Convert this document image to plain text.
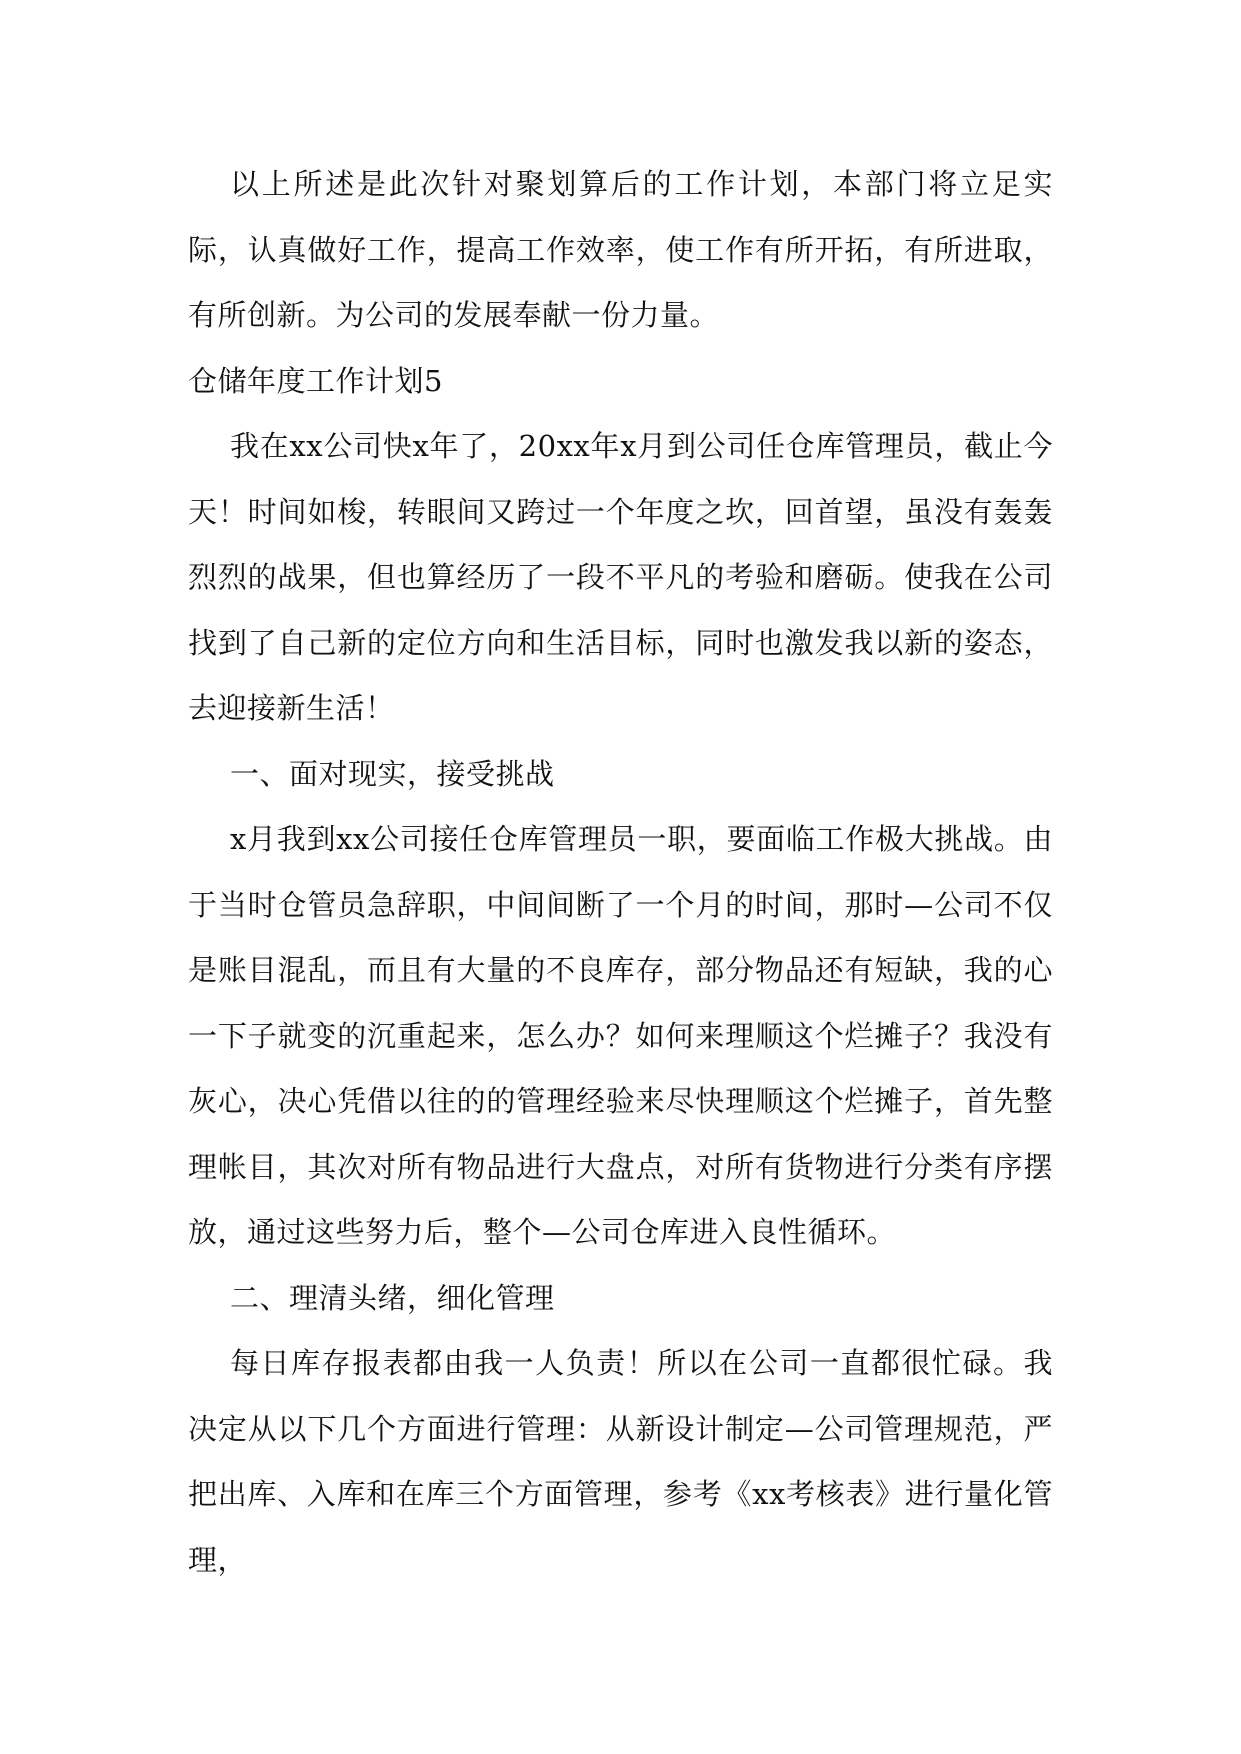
以上所述是此次针对聚划算后的工作计划，本部门将立足实际，认真做好工作，提高工作效率，使工作有所开拓，有所进取，有所创新。为公司的发展奉献一份力量。

仓储年度工作计划5

我在xx公司快x年了，20xx年x月到公司任仓库管理员，截止今天！时间如梭，转眼间又跨过一个年度之坎，回首望，虽没有轰轰烈烈的战果，但也算经历了一段不平凡的考验和磨砺。使我在公司找到了自己新的定位方向和生活目标，同时也激发我以新的姿态，去迎接新生活！

一、面对现实，接受挑战

x月我到xx公司接任仓库管理员一职，要面临工作极大挑战。由于当时仓管员急辞职，中间间断了一个月的时间，那时—公司不仅是账目混乱，而且有大量的不良库存，部分物品还有短缺，我的心一下子就变的沉重起来，怎么办？如何来理顺这个烂摊子？我没有灰心，决心凭借以往的的管理经验来尽快理顺这个烂摊子，首先整理帐目，其次对所有物品进行大盘点，对所有货物进行分类有序摆放，通过这些努力后，整个—公司仓库进入良性循环。

二、理清头绪，细化管理

每日库存报表都由我一人负责！所以在公司一直都很忙碌。我决定从以下几个方面进行管理：从新设计制定—公司管理规范，严把出库、入库和在库三个方面管理，参考《xx考核表》进行量化管理，
